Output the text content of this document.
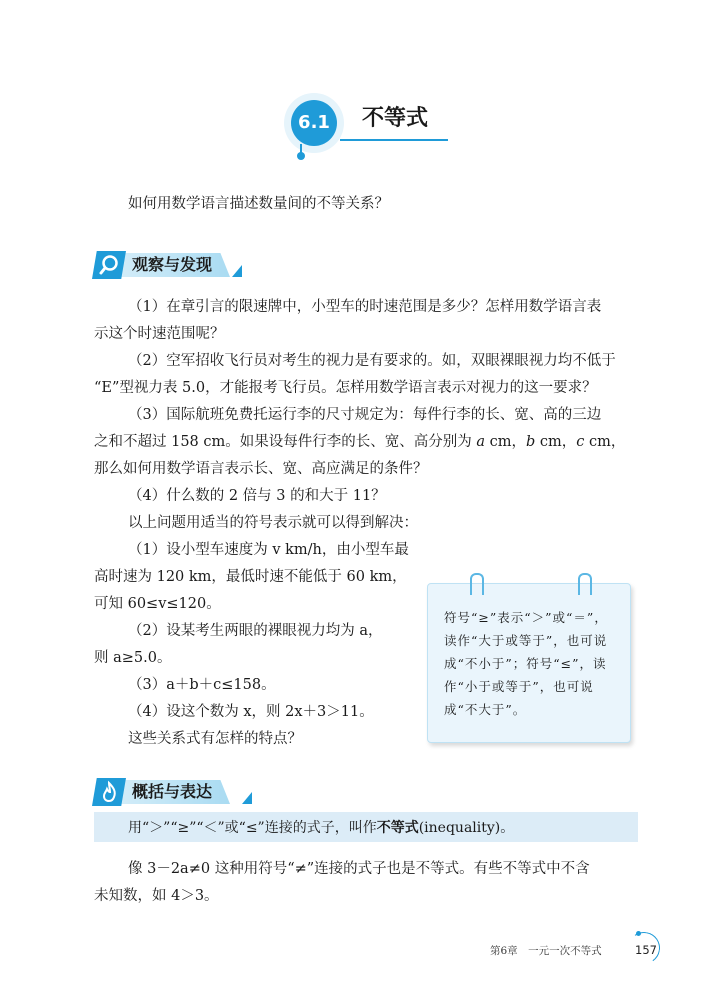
6.1	不等式
如何用数学语言描述数量间的不等关系？
观察与发现
（1）在章引言的限速牌中，小型车的时速范围是多少？怎样用数学语言表
示这个时速范围呢？
（2）空军招收飞行员对考生的视力是有要求的。如，双眼裸眼视力均不低于
“E”型视力表 5.0，才能报考飞行员。怎样用数学语言表示对视力的这一要求？
（3）国际航班免费托运行李的尺寸规定为：每件行李的长、宽、高的三边
之和不超过 158 cm。如果设每件行李的长、宽、高分别为 a cm，b cm，c cm，
那么如何用数学语言表示长、宽、高应满足的条件？
（4）什么数的 2 倍与 3 的和大于 11？
以上问题用适当的符号表示就可以得到解决：
（1）设小型车速度为 v km/h，由小型车最
高时速为 120 km，最低时速不能低于 60 km，
可知 60≤v≤120。
（2）设某考生两眼的裸眼视力均为 a，
则 a≥5.0。
（3）a＋b＋c≤158。
（4）设这个数为 x，则 2x＋3＞11。
这些关系式有怎样的特点？
符号“≥”表示“＞”或“＝”，读作“大于或等于”，也可说成“不小于”；符号“≤”，读作“小于或等于”，也可说成“不大于”。
概括与表达
用“＞”“≥”“＜”或“≤”连接的式子，叫作不等式(inequality)。
像 3－2a≠0 这种用符号“≠”连接的式子也是不等式。有些不等式中不含
未知数，如 4＞3。
第6章　一元一次不等式	157
